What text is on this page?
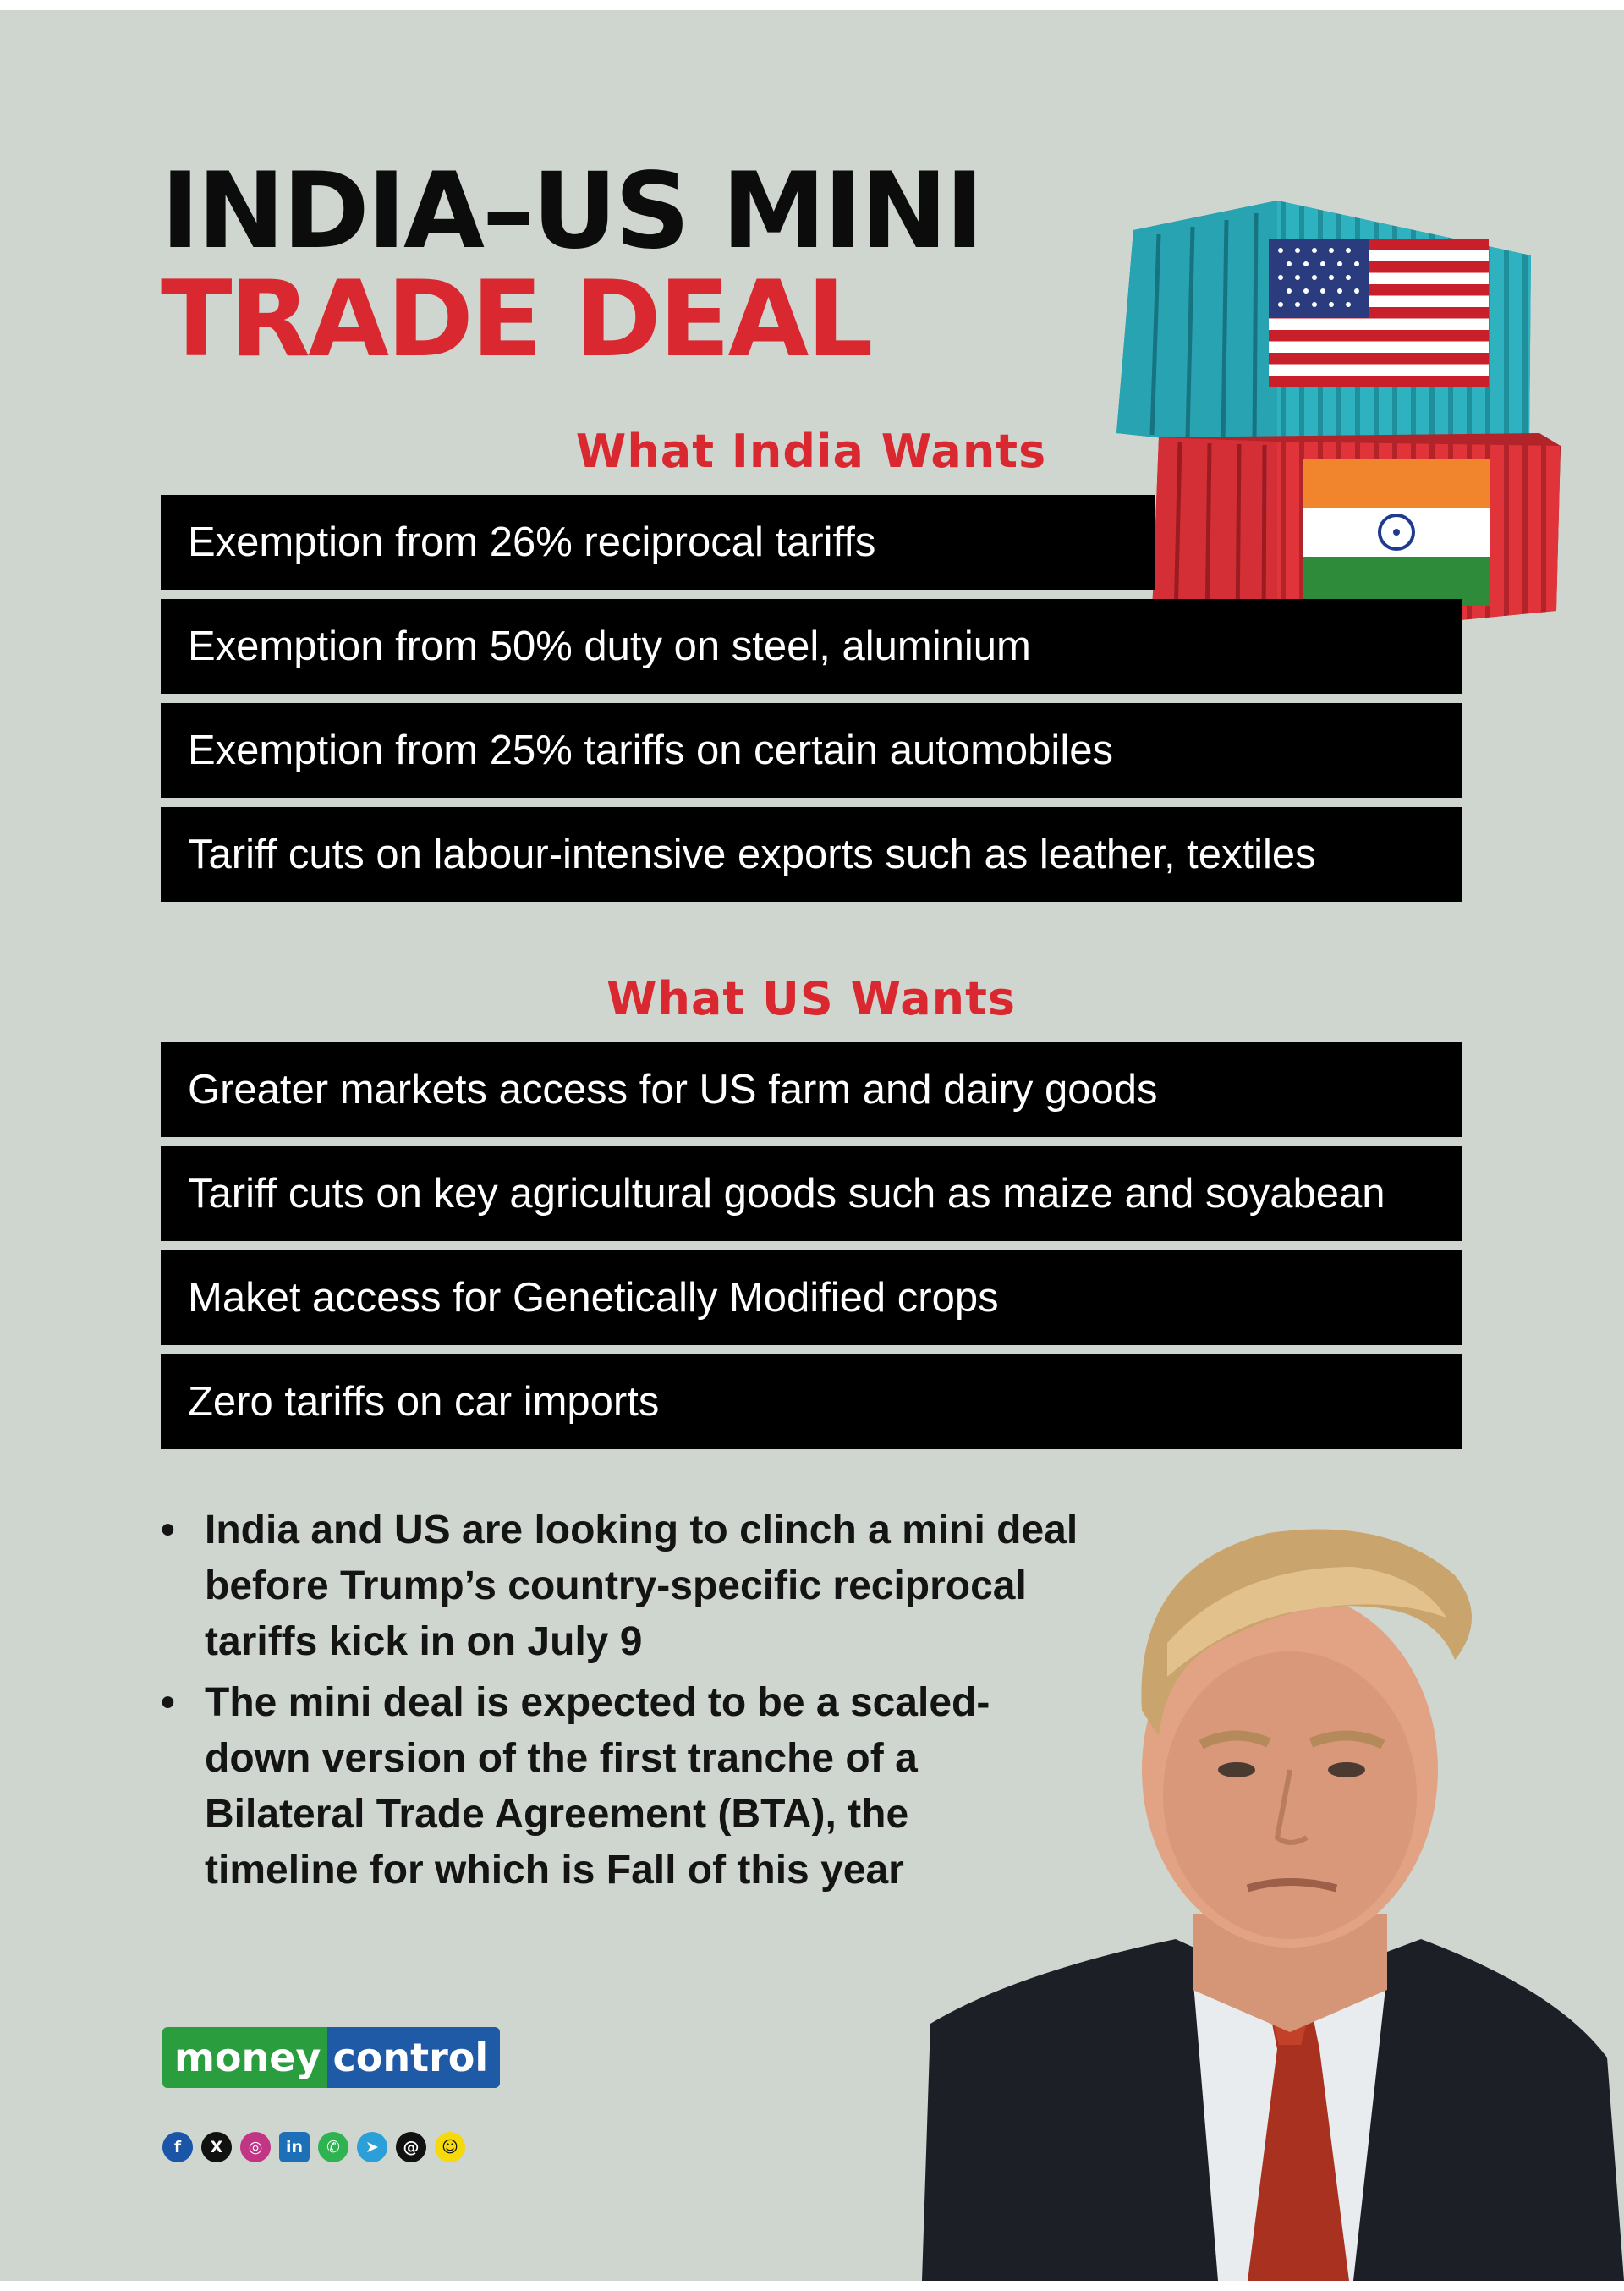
INDIA–US MINI
TRADE DEAL
What India Wants
Exemption from 26% reciprocal tariffs
Exemption from 50% duty on steel, aluminium
Exemption from 25% tariffs on certain automobiles
Tariff cuts on labour-intensive exports such as leather, textiles
What US Wants
Greater markets access for US farm and dairy goods
Tariff cuts on key agricultural goods such as maize and soyabean
Maket access for Genetically Modified crops
Zero tariffs on car imports
• India and US are looking to clinch a mini deal before Trump’s country-specific reciprocal tariffs kick in on July 9
• The mini deal is expected to be a scaled-down version of the first tranche of a Bilateral Trade Agreement (BTA), the timeline for which is Fall of this year
money control
f	X	◎	in	✆	➤	@	☺
